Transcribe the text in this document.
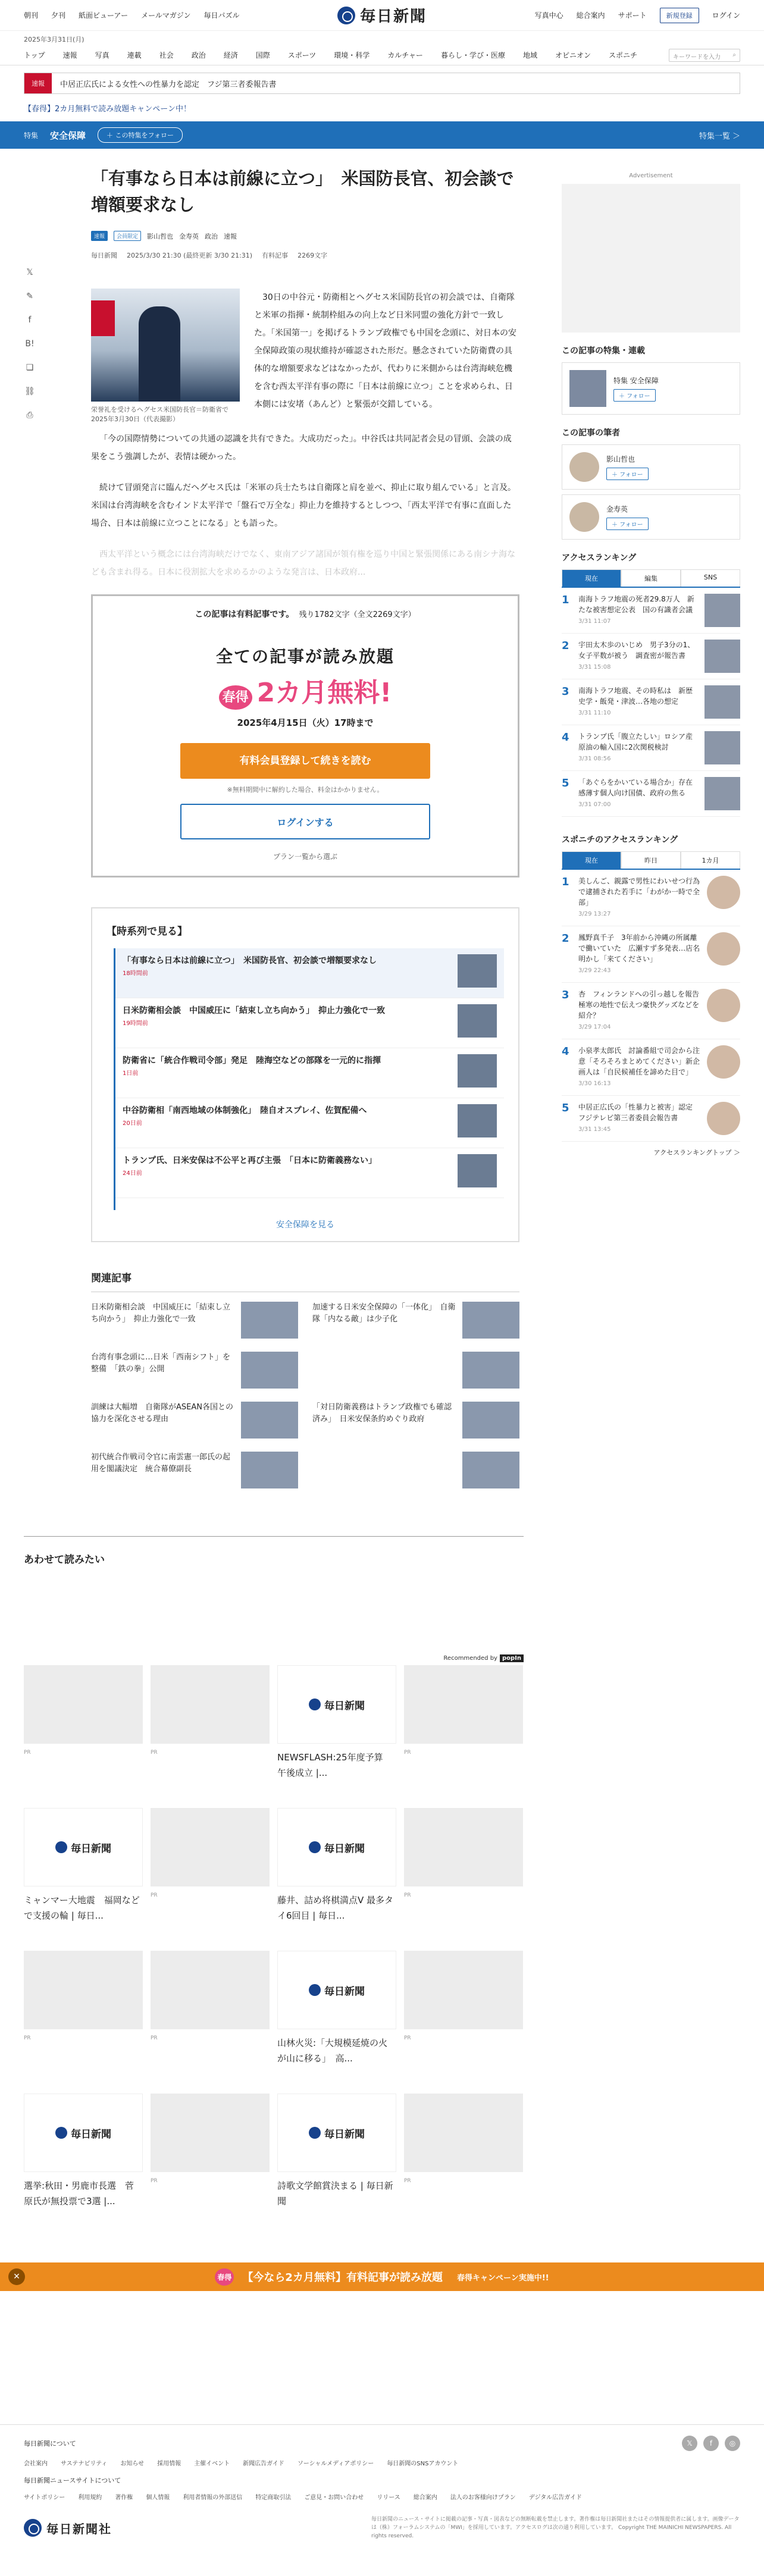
朝刊 夕刊 紙面ビューアー メールマガジン 毎日パズル	毎日新聞	写真中心 総合案内 サポート	新規登録	ログイン
2025年3月31日(月)
トップ	速報	写真	連載	社会	政治	経済	国際	スポーツ	環境・科学	カルチャー	暮らし・学び・医療	地域	オピニオン	スポニチ	キーワードを入力 ⌕
速報	中居正広氏による女性への性暴力を認定　フジ第三者委報告書
【春得】2カ月無料で読み放題キャンペーン中！
特集 安全保障	＋ この特集をフォロー	特集一覧 ＞
𝕏
✎
f
B!
❏
⛓
⎙
「有事なら日本は前線に立つ」　米国防長官、初会談で増額要求なし
速報	会員限定	影山哲也 金寿英 政治 速報
毎日新聞 2025/3/30 21:30 (最終更新 3/30 21:31) 有料記事 2269文字
栄誉礼を受けるヘグセス米国防長官＝防衛省で2025年3月30日（代表撮影）

30日の中谷元・防衛相とヘグセス米国防長官の初会談では、自衛隊と米軍の指揮・統制枠組みの向上など日米同盟の強化方針で一致した。「米国第一」を掲げるトランプ政権でも中国を念頭に、対日本の安全保障政策の現状維持が確認された形だ。懸念されていた防衛費の具体的な増額要求などはなかったが、代わりに米側からは台湾海峡危機を含む西太平洋有事の際に「日本は前線に立つ」ことを求められ、日本側には安堵（あんど）と緊張が交錯している。

「今の国際情勢についての共通の認識を共有できた。大成功だった」。中谷氏は共同記者会見の冒頭、会談の成果をこう強調したが、表情は硬かった。

続けて冒頭発言に臨んだヘグセス氏は「米軍の兵士たちは自衛隊と肩を並べ、抑止に取り組んでいる」と言及。米国は台湾海峡を含むインド太平洋で「盤石で万全な」抑止力を維持するとしつつ、「西太平洋で有事に直面した場合、日本は前線に立つことになる」とも語った。

西太平洋という概念には台湾海峡だけでなく、東南アジア諸国が領有権を巡り中国と緊張関係にある南シナ海なども含まれ得る。日本に役割拡大を求めるかのような発言は、日本政府...

この記事は有料記事です。 残り1782文字（全文2269文字）
全ての記事が読み放題
春得 2カ月無料!
2025年4月15日（火）17時まで
有料会員登録して続きを読む
※無料期間中に解約した場合、料金はかかりません。
ログインする
プラン一覧から選ぶ
【時系列で見る】
「有事なら日本は前線に立つ」　米国防長官、初会談で増額要求なし
18時間前
日米防衛相会談　中国威圧に「結束し立ち向かう」　抑止力強化で一致
19時間前
防衛省に「統合作戦司令部」発足　陸海空などの部隊を一元的に指揮
1日前
中谷防衛相「南西地域の体制強化」　陸自オスプレイ、佐賀配備へ
20日前
トランプ氏、日米安保は不公平と再び主張　「日本に防衛義務ない」
24日前
安全保障を見る
関連記事
日米防衛相会談　中国威圧に「結束し立ち向かう」　抑止力強化で一致
加速する日米安全保障の「一体化」　自衛隊「内なる敵」は少子化
台湾有事念頭に…日米「西南シフト」を整備　「鉄の拳」公開
訓練は大幅増　自衛隊がASEAN各国との協力を深化させる理由
「対日防衛義務はトランプ政権でも確認済み」　日米安保条約めぐり政府
初代統合作戦司令官に南雲憲一郎氏の起用を閣議決定　統合幕僚副長
あわせて読みたい
Recommended by popIn
PR	PR
毎日新聞
NEWSFLASH:25年度予算　午後成立 |...
PR
毎日新聞
ミャンマー大地震　福岡などで支援の輪 | 毎日...
PR
毎日新聞
藤井、詰め将棋満点V 最多タイ6回目 | 毎日...
PR
PR	PR
毎日新聞
山林火災:「大規模延焼の火が山に移る」　高...
PR
毎日新聞
選挙:秋田・男鹿市長選　菅原氏が無投票で3選 |...
PR
毎日新聞
詩歌文学館賞決まる | 毎日新聞
PR
Advertisement
この記事の特集・連載
特集 安全保障
＋ フォロー
この記事の筆者
影山哲也
＋ フォロー
金寿英
＋ フォロー
アクセスランキング
現在	編集	SNS
1	南海トラフ地震の死者29.8万人　新たな被害想定公表　国の有識者会議
3/31 11:07
2	宇田太木歩のいじめ　男子3分の1、女子平数が被う　調査密が報告書
3/31 15:08
3	南海トラフ地震、その時私は　新歴史学・飯発・津波…各地の想定
3/31 11:10
4	トランプ氏「腹立たしい」ロシア産原油の輸入国に2次関税検討
3/31 08:56
5	「あぐらをかいている場合か」存在感薄す個人向け国債、政府の焦る
3/31 07:00
スポニチのアクセスランキング
現在	昨日	1カ月
1	美しんご、親露で男性にわいせつ行為で逮捕された若手に「わがか一時で全部」
3/29 13:27
2	鳳野真千子　3年前から沖縄の所属離で働いていた　広瀬すず多発表…店名明かし「来てください」
3/29 22:43
3	杏　フィンランドへの引っ越しを報告　極寒の地性で伝えつ豪快グッズなどを紹介？
3/29 17:04
4	小泉孝太郎氏　討論番組で司会から注意「そろそろまとめてください」新企画人は「自民候補任を諦めた目で」
3/30 16:13
5	中居正広氏の「性暴力と被害」認定　フジテレビ第三者委員会報告書
3/31 13:45
アクセスランキングトップ ＞
✕	春得 【今なら2カ月無料】有料記事が読み放題 春得キャンペーン実施中!!
毎日新聞について	𝕏	f	◎
会社案内 サステナビリティ お知らせ 採用情報 主催イベント 新聞広告ガイド ソーシャルメディアポリシー 毎日新聞のSNSアカウント
毎日新聞ニュースサイトについて
サイトポリシー 利用規約 著作権 個人情報 利用者情報の外部送信 特定商取引法 ご意見・お問い合わせ リリース 総合案内 法人のお客様向けプラン デジタル広告ガイド
毎日新聞社
毎日新聞のニュース・サイトに掲載の記事・写真・図表などの無断転載を禁止します。著作権は毎日新聞社またはその情報提供者に属します。画像データは（株）フォーラムシステムの「MWI」を採用しています。アクセスログは次の通り利用しています。 Copyright THE MAINICHI NEWSPAPERS. All rights reserved.
